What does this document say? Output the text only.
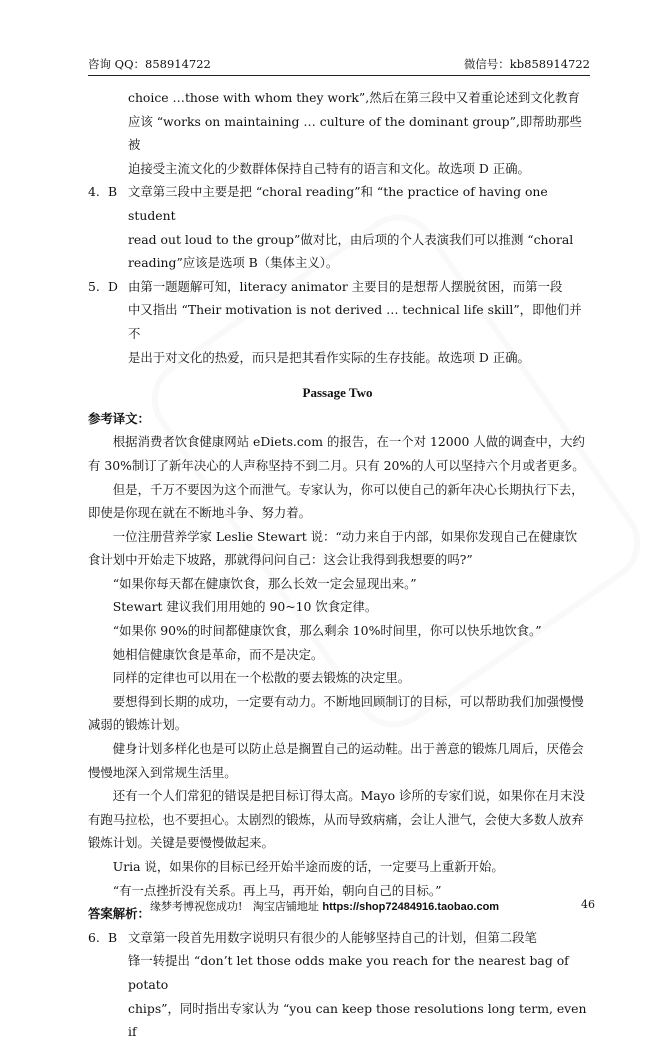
咨询 QQ：858914722	微信号：kb858914722

choice …those with whom they work”,然后在第三段中又着重论述到文化教育

应该 “works on maintaining … culture of the dominant group”,即帮助那些被

迫接受主流文化的少数群体保持自己特有的语言和文化。故选项 D 正确。

4. B 文章第三段中主要是把 “choral reading”和 “the practice of having one student
read out loud to the group”做对比，由后项的个人表演我们可以推测 “choral
reading”应该是选项 B（集体主义）。
5. D 由第一题题解可知，literacy animator 主要目的是想帮人摆脱贫困，而第一段
中又指出 “Their motivation is not derived … technical life skill”，即他们并不
是出于对文化的热爱，而只是把其看作实际的生存技能。故选项 D 正确。

Passage Two

参考译文：

根据消费者饮食健康网站 eDiets.com 的报告，在一个对 12000 人做的调查中，大约有 30%制订了新年决心的人声称坚持不到二月。只有 20%的人可以坚持六个月或者更多。

但是，千万不要因为这个而泄气。专家认为，你可以使自己的新年决心长期执行下去，即使是你现在就在不断地斗争、努力着。

一位注册营养学家 Leslie Stewart 说：“动力来自于内部，如果你发现自己在健康饮食计划中开始走下坡路，那就得问问自己：这会让我得到我想要的吗?”

“如果你每天都在健康饮食，那么长效一定会显现出来。”

Stewart 建议我们用用她的 90~10 饮食定律。

“如果你 90%的时间都健康饮食，那么剩余 10%时间里，你可以快乐地饮食。”

她相信健康饮食是革命，而不是决定。

同样的定律也可以用在一个松散的要去锻炼的决定里。

要想得到长期的成功，一定要有动力。不断地回顾制订的目标，可以帮助我们加强慢慢减弱的锻炼计划。

健身计划多样化也是可以防止总是搁置自己的运动鞋。出于善意的锻炼几周后，厌倦会慢慢地深入到常规生活里。

还有一个人们常犯的错误是把目标订得太高。Mayo 诊所的专家们说，如果你在月末没有跑马拉松，也不要担心。太剧烈的锻炼，从而导致病痛，会让人泄气，会使大多数人放弃锻炼计划。关键是要慢慢做起来。

Uria 说，如果你的目标已经开始半途而废的话，一定要马上重新开始。

“有一点挫折没有关系。再上马，再开始，朝向自己的目标。”

答案解析：

6. B 文章第一段首先用数字说明只有很少的人能够坚持自己的计划，但第二段笔
锋一转提出 “don’t let those odds make you reach for the nearest bag of potato
chips”，同时指出专家认为 “you can keep those resolutions long term, even if
缘梦考博祝您成功! 淘宝店铺地址 https://shop72484916.taobao.com	46
